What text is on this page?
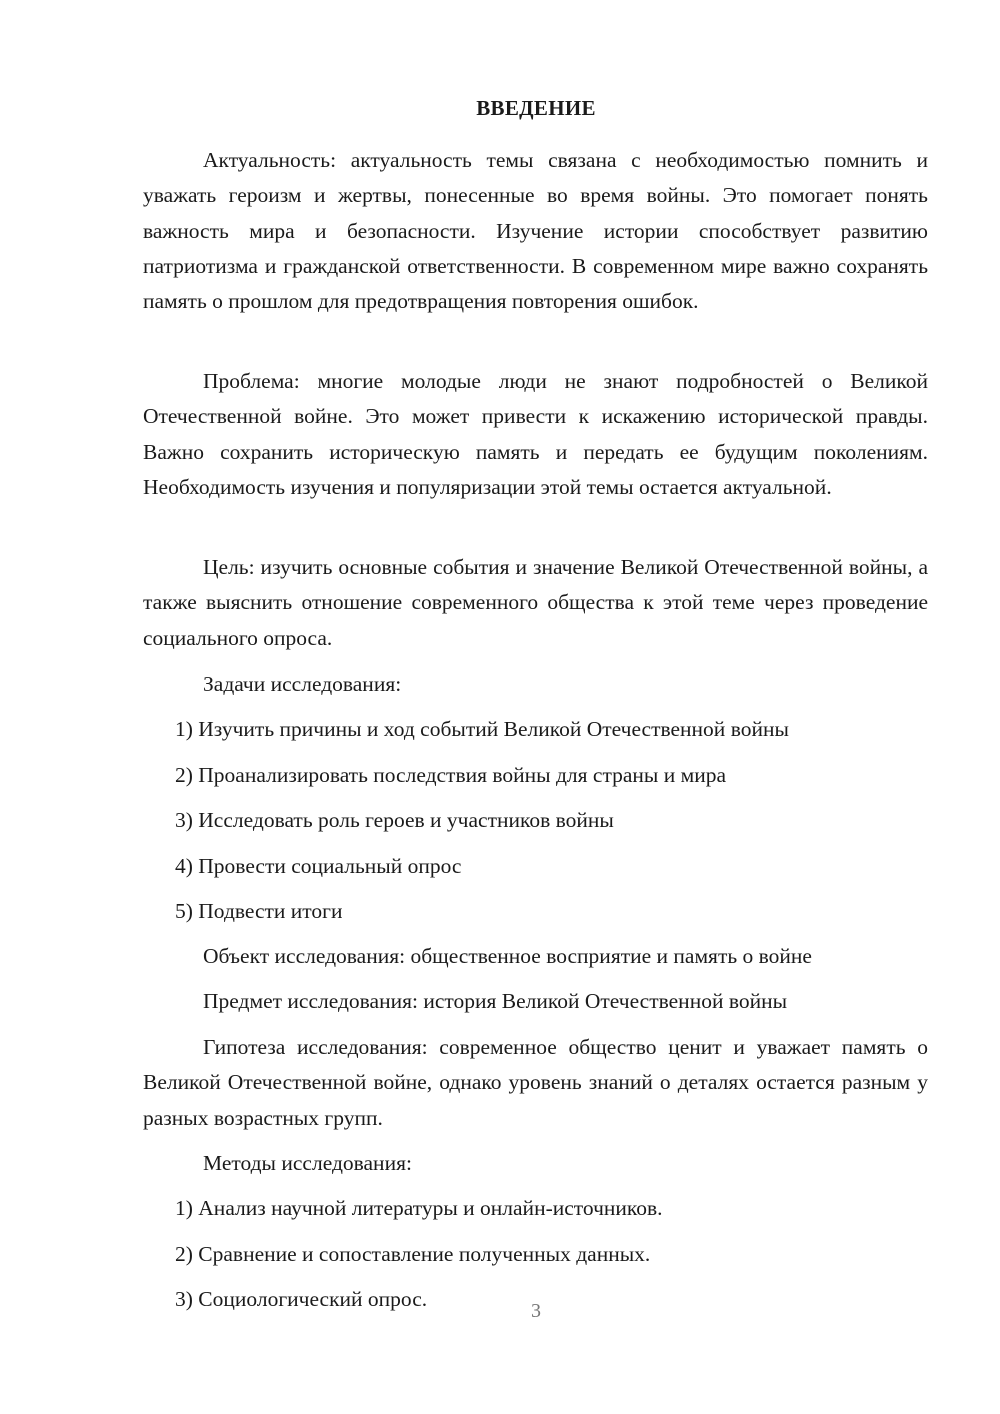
ВВЕДЕНИЕ

Актуальность: актуальность темы связана с необходимостью помнить и уважать героизм и жертвы, понесенные во время войны. Это помогает понять важность мира и безопасности. Изучение истории способствует развитию патриотизма и гражданской ответственности. В современном мире важно сохранять память о прошлом для предотвращения повторения ошибок.

Проблема: многие молодые люди не знают подробностей о Великой Отечественной войне. Это может привести к искажению исторической правды. Важно сохранить историческую память и передать ее будущим поколениям. Необходимость изучения и популяризации этой темы остается актуальной.

Цель: изучить основные события и значение Великой Отечественной войны, а также выяснить отношение современного общества к этой теме через проведение социального опроса.

Задачи исследования:

1) Изучить причины и ход событий Великой Отечественной войны

2) Проанализировать последствия войны для страны и мира

3) Исследовать роль героев и участников войны

4) Провести социальный опрос

5) Подвести итоги

Объект исследования: общественное восприятие и память о войне

Предмет исследования: история Великой Отечественной войны

Гипотеза исследования: современное общество ценит и уважает память о Великой Отечественной войне, однако уровень знаний о деталях остается разным у разных возрастных групп.

Методы исследования:

1) Анализ научной литературы и онлайн-источников.

2) Сравнение и сопоставление полученных данных.

3) Социологический опрос.	3
